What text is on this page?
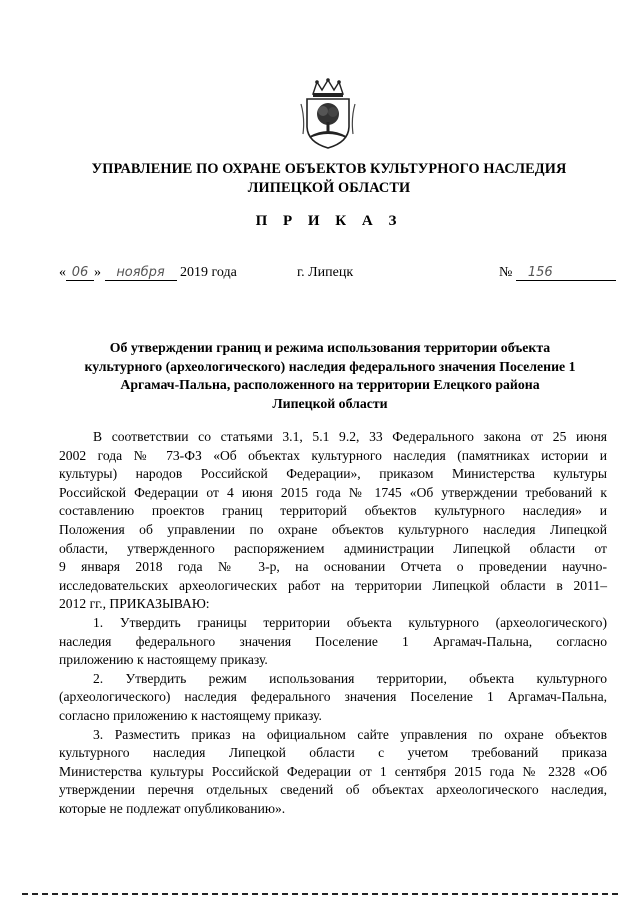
УПРАВЛЕНИЕ ПО ОХРАНЕ ОБЪЕКТОВ КУЛЬТУРНОГО НАСЛЕДИЯ
ЛИПЕЦКОЙ ОБЛАСТИ
П Р И К А З
« 06 » ноября 2019 года	г. Липецк	№ 156
Об утверждении границ и режима использования территории объекта
культурного (археологического) наследия федерального значения Поселение 1
Аргамач-Пальна, расположенного на территории Елецкого района
Липецкой области
В соответствии со статьями 3.1, 5.1 9.2, 33 Федерального закона от 25 июня
2002 года № 73-ФЗ «Об объектах культурного наследия (памятниках истории и
культуры) народов Российской Федерации», приказом Министерства культуры
Российской Федерации от 4 июня 2015 года № 1745 «Об утверждении требований к
составлению проектов границ территорий объектов культурного наследия» и
Положения об управлении по охране объектов культурного наследия Липецкой
области, утвержденного распоряжением администрации Липецкой области от
9 января 2018 года № 3-р, на основании Отчета о проведении научно-
исследовательских археологических работ на территории Липецкой области в 2011–
2012 гг., ПРИКАЗЫВАЮ:
1. Утвердить границы территории объекта культурного (археологического)
наследия федерального значения Поселение 1 Аргамач-Пальна, согласно
приложению к настоящему приказу.
2. Утвердить режим использования территории, объекта культурного
(археологического) наследия федерального значения Поселение 1 Аргамач-Пальна,
согласно приложению к настоящему приказу.
3. Разместить приказ на официальном сайте управления по охране объектов
культурного наследия Липецкой области с учетом требований приказа
Министерства культуры Российской Федерации от 1 сентября 2015 года № 2328 «Об
утверждении перечня отдельных сведений об объектах археологического наследия,
которые не подлежат опубликованию».
